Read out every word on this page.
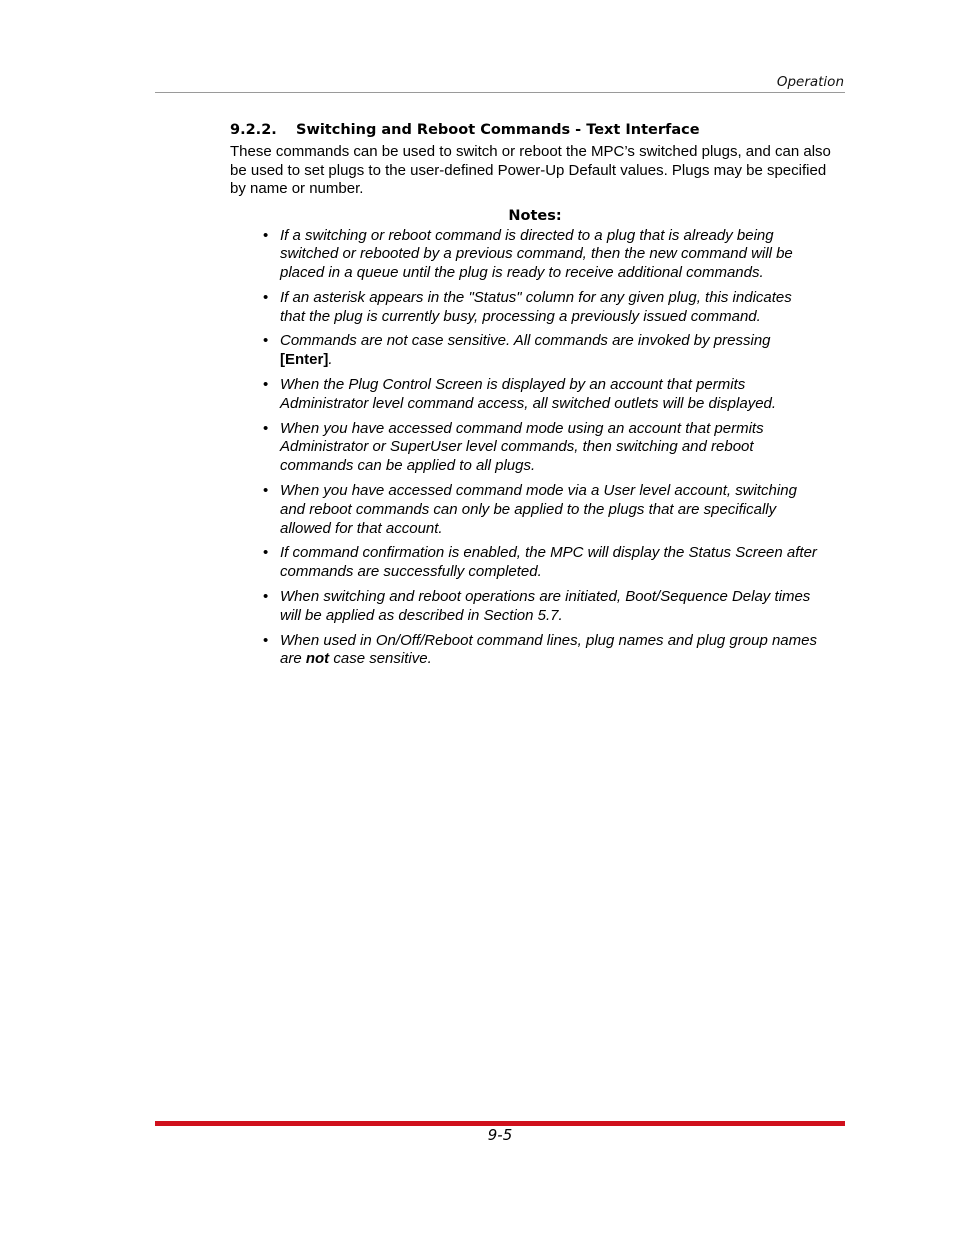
Operation
9.2.2. Switching and Reboot Commands - Text Interface

These commands can be used to switch or reboot the MPC’s switched plugs, and can also be used to set plugs to the user-defined Power-Up Default values. Plugs may be specified by name or number.

Notes:
• If a switching or reboot command is directed to a plug that is already being switched or rebooted by a previous command, then the new command will be placed in a queue until the plug is ready to receive additional commands.
• If an asterisk appears in the "Status" column for any given plug, this indicates that the plug is currently busy, processing a previously issued command.
• Commands are not case sensitive. All commands are invoked by pressing [Enter].
• When the Plug Control Screen is displayed by an account that permits Administrator level command access, all switched outlets will be displayed.
• When you have accessed command mode using an account that permits Administrator or SuperUser level commands, then switching and reboot commands can be applied to all plugs.
• When you have accessed command mode via a User level account, switching and reboot commands can only be applied to the plugs that are specifically allowed for that account.
• If command confirmation is enabled, the MPC will display the Status Screen after commands are successfully completed.
• When switching and reboot operations are initiated, Boot/Sequence Delay times will be applied as described in Section 5.7.
• When used in On/Off/Reboot command lines, plug names and plug group names are not case sensitive.
9-5
